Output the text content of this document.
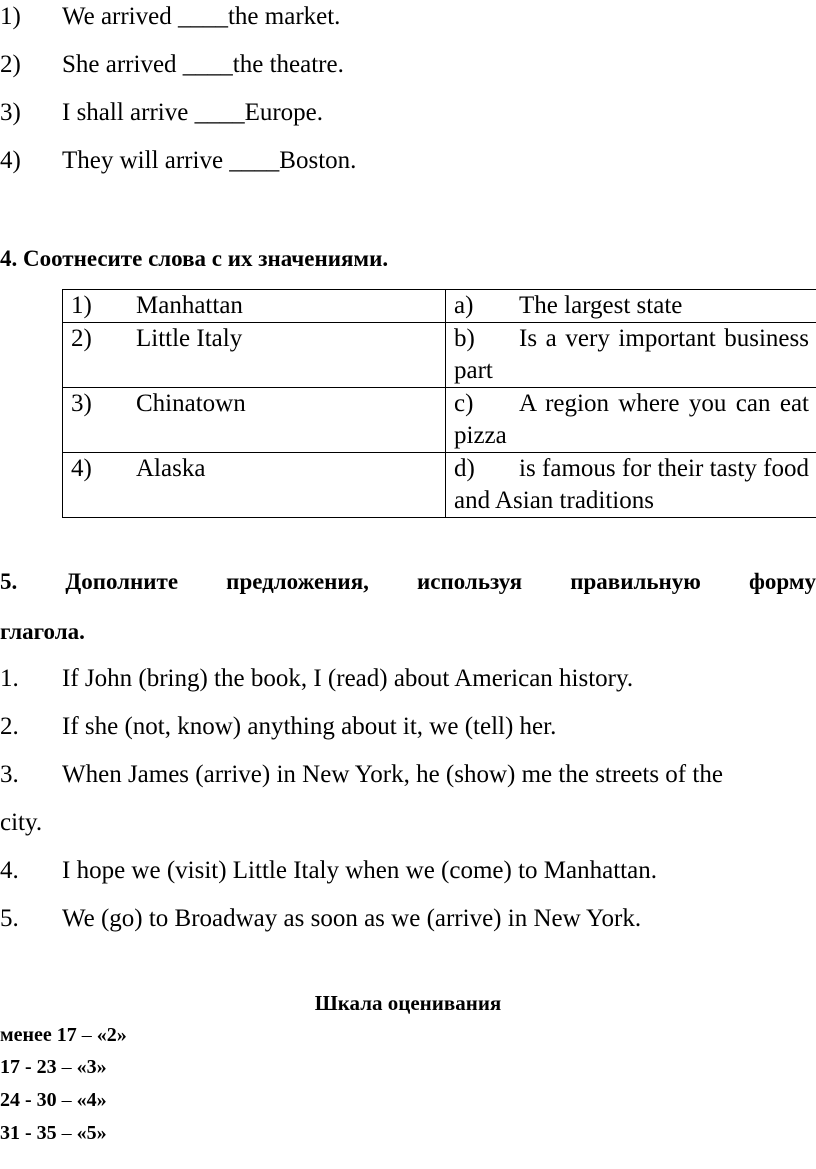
1) We arrived ____the market.
2) She arrived ____the theatre.
3) I shall arrive ____Europe.
4) They will arrive ____Boston.
4. Соотнесите слова с их значениями.
1) Manhattan	a) The largest state
2) Little Italy	b) Is a very important business part
3) Chinatown	c) A region where you can eat pizza
4) Alaska	d) is famous for their tasty food and Asian traditions
5. Дополните предложения, используя правильную форму
глагола.
1. If John (bring) the book, I (read) about American history.
2. If she (not, know) anything about it, we (tell) her.
3. When James (arrive) in New York, he (show) me the streets of the
city.
4. I hope we (visit) Little Italy when we (come) to Manhattan.
5. We (go) to Broadway as soon as we (arrive) in New York.
Шкала оценивания
менее 17 – «2»
17 - 23 – «3»
24 - 30 – «4»
31 - 35 – «5»
